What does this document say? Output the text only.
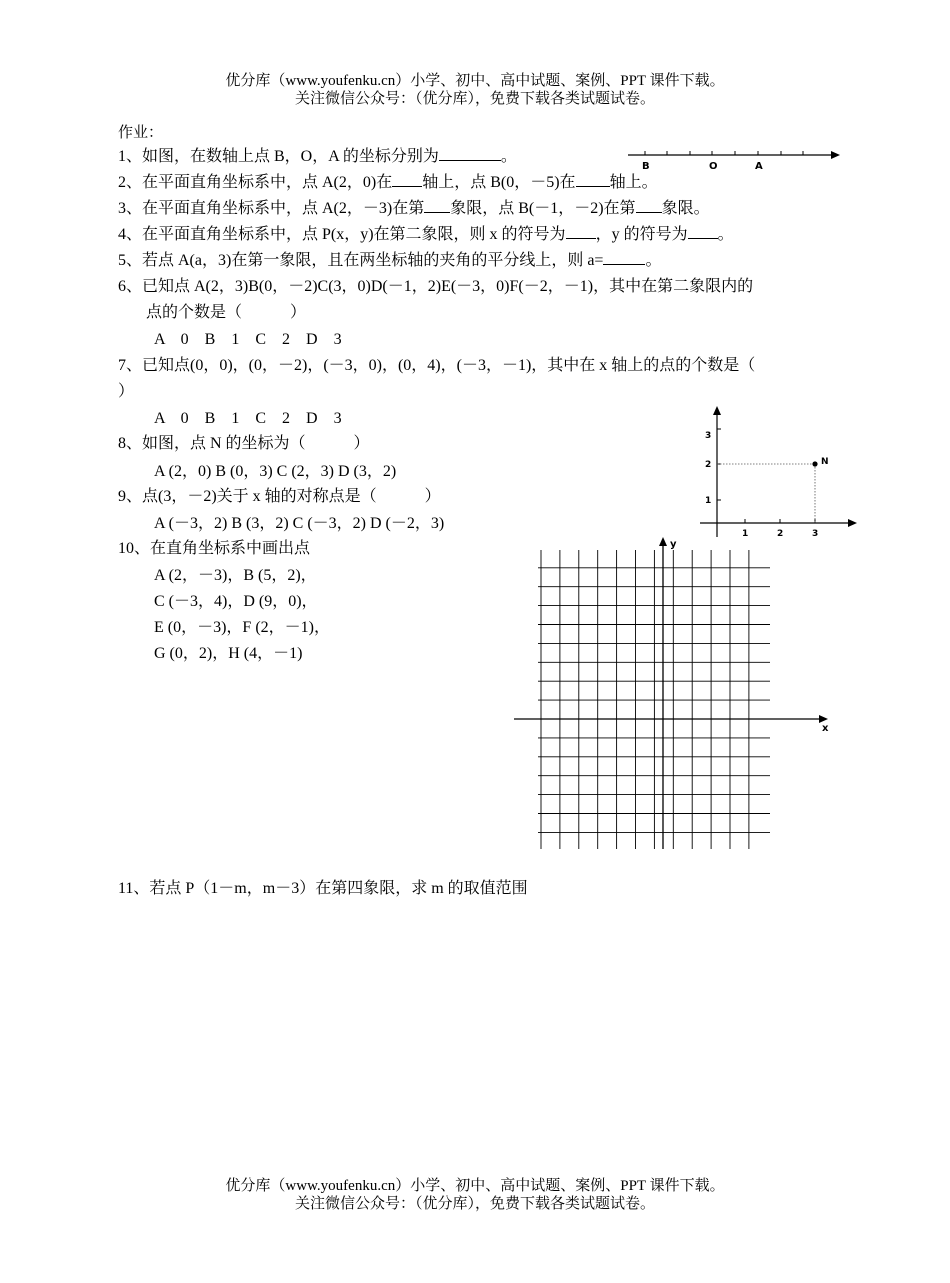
优分库（www.youfenku.cn）小学、初中、高中试题、案例、PPT 课件下载。
关注微信公众号：（优分库），免费下载各类试题试卷。
作业：
1、如图，在数轴上点 B，O，A 的坐标分别为	。
2、在平面直角坐标系中，点 A(2，0)在 轴上，点 B(0，－5)在 轴上。
3、在平面直角坐标系中，点 A(2，－3)在第 象限，点 B(－1，－2)在第 象限。
4、在平面直角坐标系中，点 P(x，y)在第二象限，则 x 的符号为 ，y 的符号为 。
5、若点 A(a，3)在第一象限，且在两坐标轴的夹角的平分线上，则 a=	。
6、已知点 A(2，3)B(0，－2)C(3，0)D(－1，2)E(－3，0)F(－2，－1)，其中在第二象限内的
点的个数是（　　　）
A　0　B　1　C　2　D　3
7、已知点(0，0)，(0，－2)，(－3，0)，(0，4)，(－3，－1)，其中在 x 轴上的点的个数是（
）
A　0　B　1　C　2　D　3
8、如图，点 N 的坐标为（　　　）
A (2，0) B (0，3) C (2，3) D (3，2)
9、点(3，－2)关于 x 轴的对称点是（　　　）
A (－3，2) B (3，2) C (－3，2) D (－2，3)
10、在直角坐标系中画出点
A (2，－3)，B (5，2)，
C (－3，4)，D (9，0)，
E (0，－3)，F (2，－1)，
G (0，2)，H (4，－1)
11、若点 P（1－m，m－3）在第四象限，求 m 的取值范围
B	O	A
3
2
1
1	2	3
N
y
x
优分库（www.youfenku.cn）小学、初中、高中试题、案例、PPT 课件下载。
关注微信公众号：（优分库），免费下载各类试题试卷。
